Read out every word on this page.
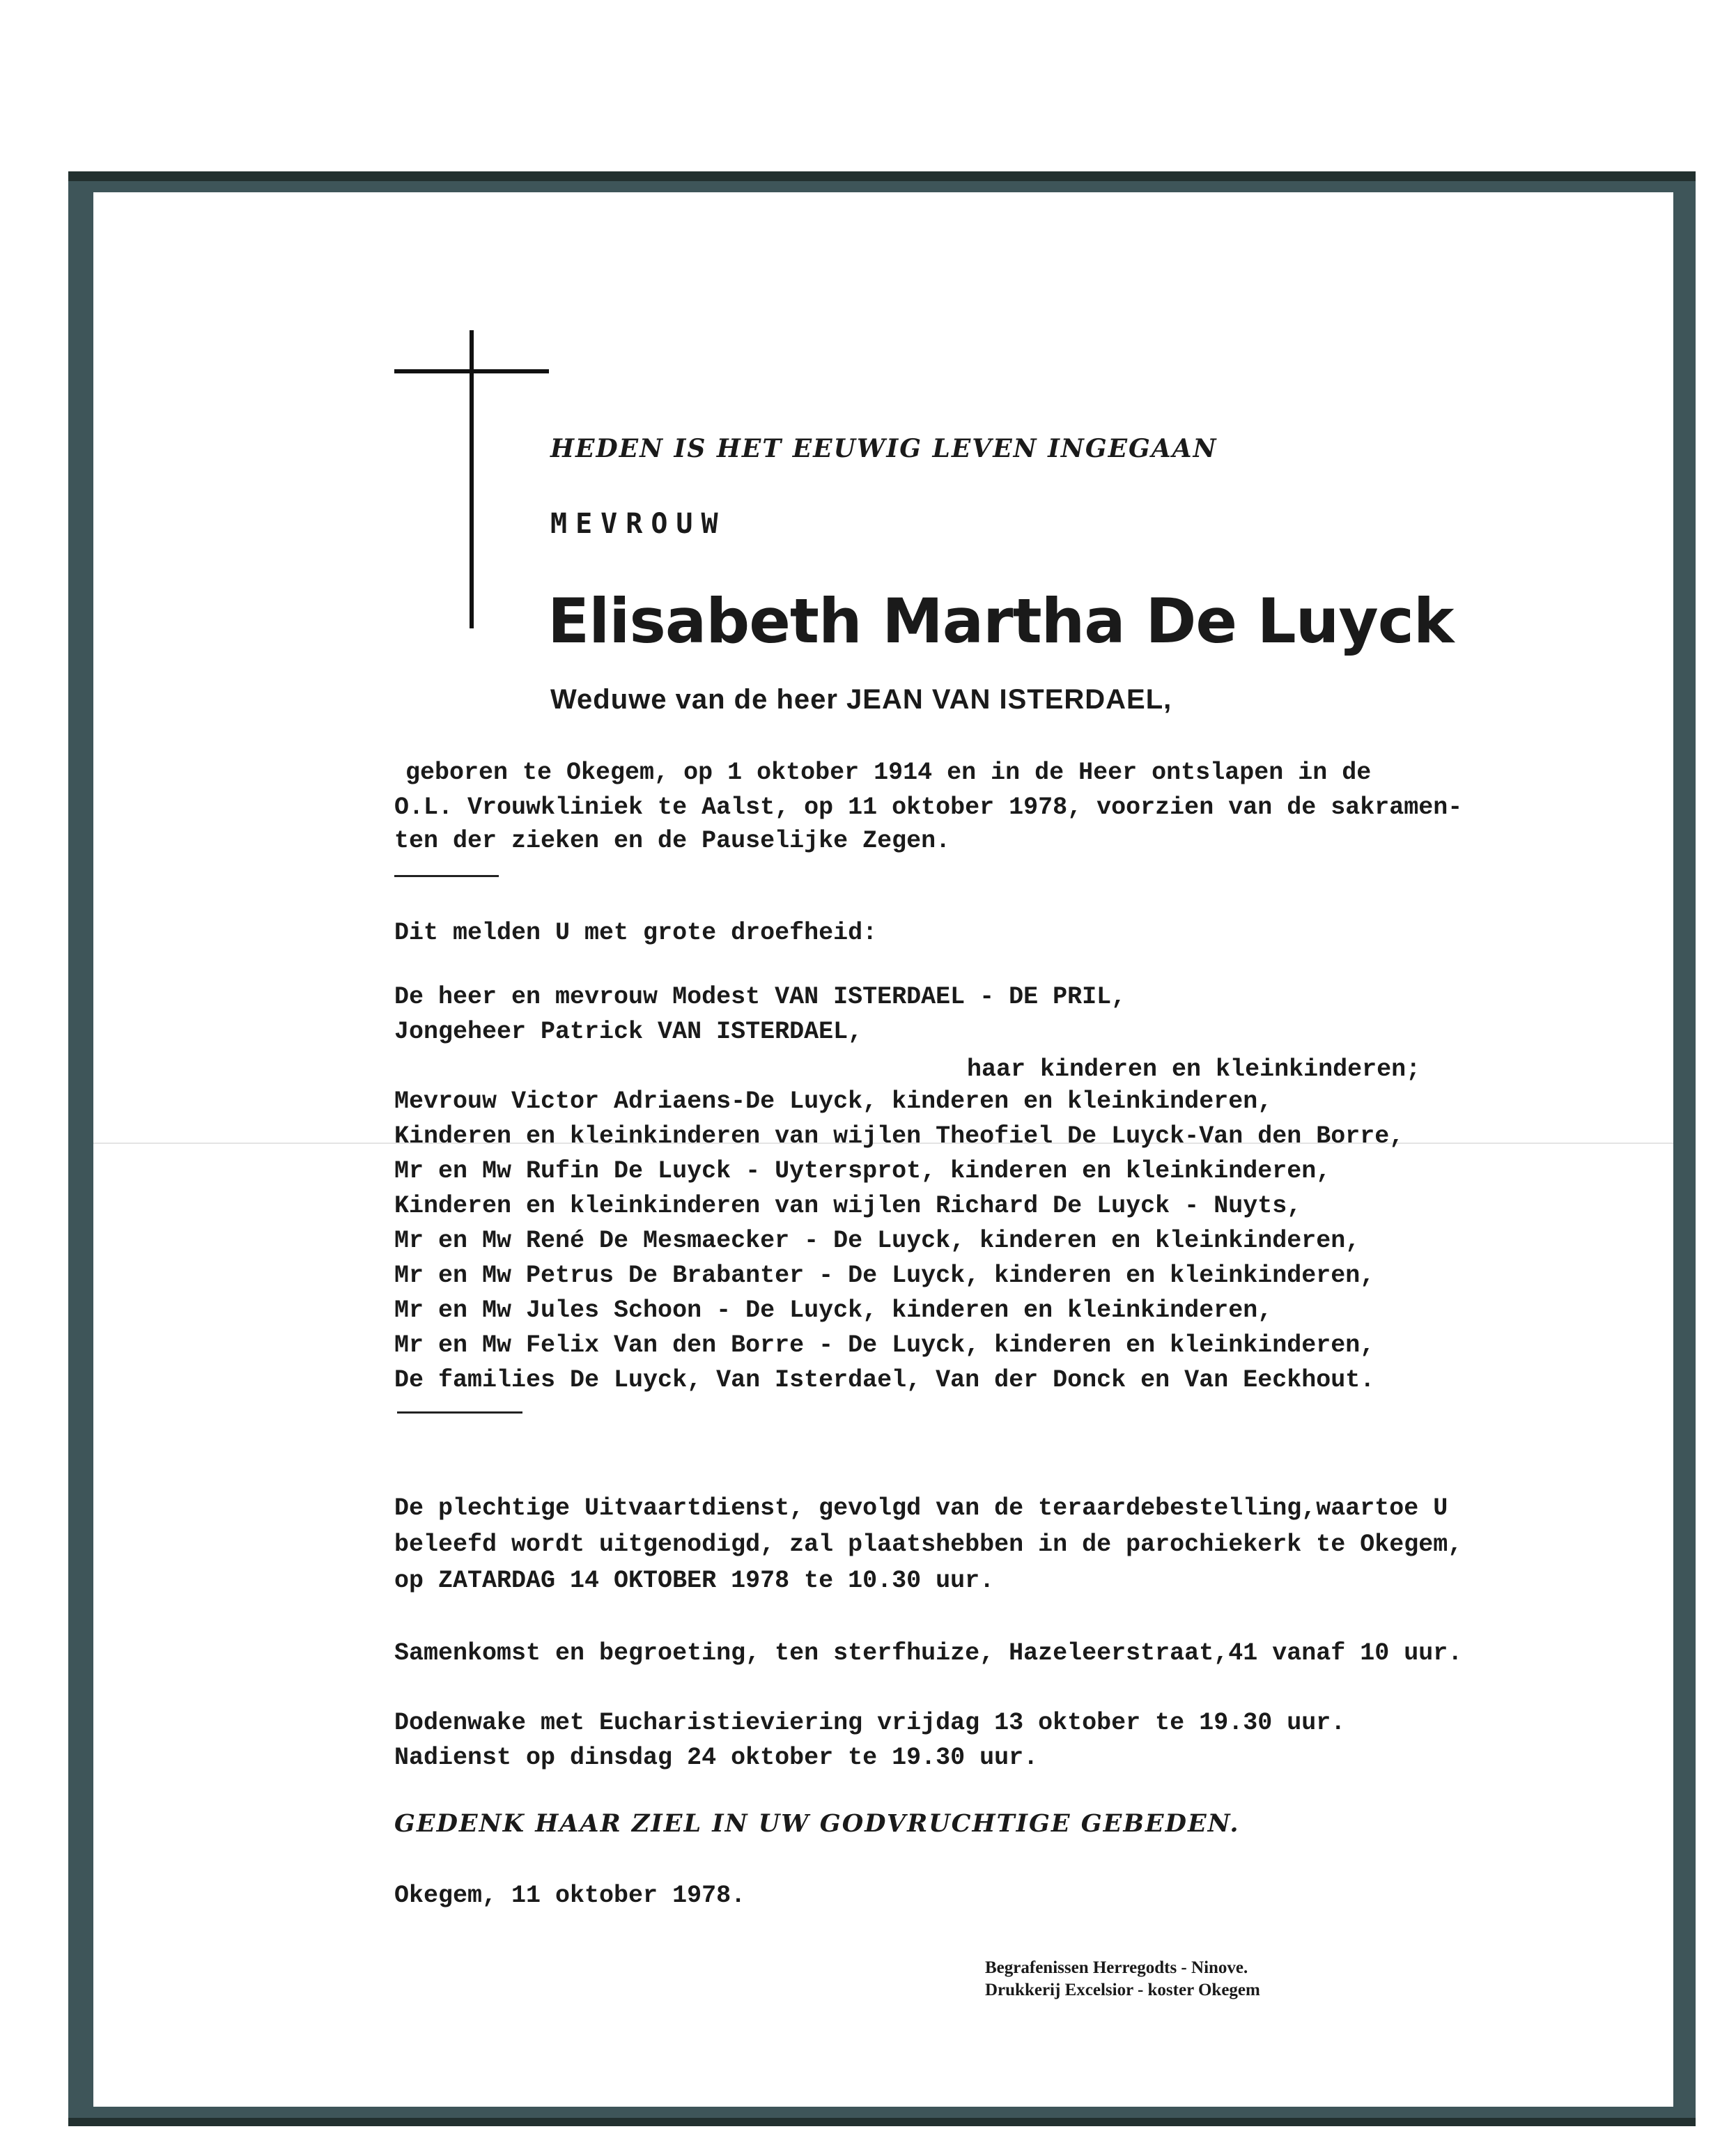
HEDEN IS HET EEUWIG LEVEN INGEGAAN
MEVROUW
Elisabeth Martha De Luyck
Weduwe van de heer JEAN VAN ISTERDAEL,
geboren te Okegem, op 1 oktober 1914 en in de Heer ontslapen in de
O.L. Vrouwkliniek te Aalst, op 11 oktober 1978, voorzien van de sakramen-
ten der zieken en de Pauselijke Zegen.
Dit melden U met grote droefheid:
De heer en mevrouw Modest VAN ISTERDAEL - DE PRIL,
Jongeheer Patrick VAN ISTERDAEL,
haar kinderen en kleinkinderen;
Mevrouw Victor Adriaens-De Luyck, kinderen en kleinkinderen,
Kinderen en kleinkinderen van wijlen Theofiel De Luyck-Van den Borre,
Mr en Mw Rufin De Luyck - Uytersprot, kinderen en kleinkinderen,
Kinderen en kleinkinderen van wijlen Richard De Luyck - Nuyts,
Mr en Mw René De Mesmaecker - De Luyck, kinderen en kleinkinderen,
Mr en Mw Petrus De Brabanter - De Luyck, kinderen en kleinkinderen,
Mr en Mw Jules Schoon - De Luyck, kinderen en kleinkinderen,
Mr en Mw Felix Van den Borre - De Luyck, kinderen en kleinkinderen,
De families De Luyck, Van Isterdael, Van der Donck en Van Eeckhout.
De plechtige Uitvaartdienst, gevolgd van de teraardebestelling,waartoe U
beleefd wordt uitgenodigd, zal plaatshebben in de parochiekerk te Okegem,
op ZATARDAG 14 OKTOBER 1978 te 10.30 uur.
Samenkomst en begroeting, ten sterfhuize, Hazeleerstraat,41 vanaf 10 uur.
Dodenwake met Eucharistieviering vrijdag 13 oktober te 19.30 uur.
Nadienst op dinsdag 24 oktober te 19.30 uur.
GEDENK HAAR ZIEL IN UW GODVRUCHTIGE GEBEDEN.
Okegem, 11 oktober 1978.
Begrafenissen Herregodts - Ninove.
Drukkerij Excelsior - koster Okegem
